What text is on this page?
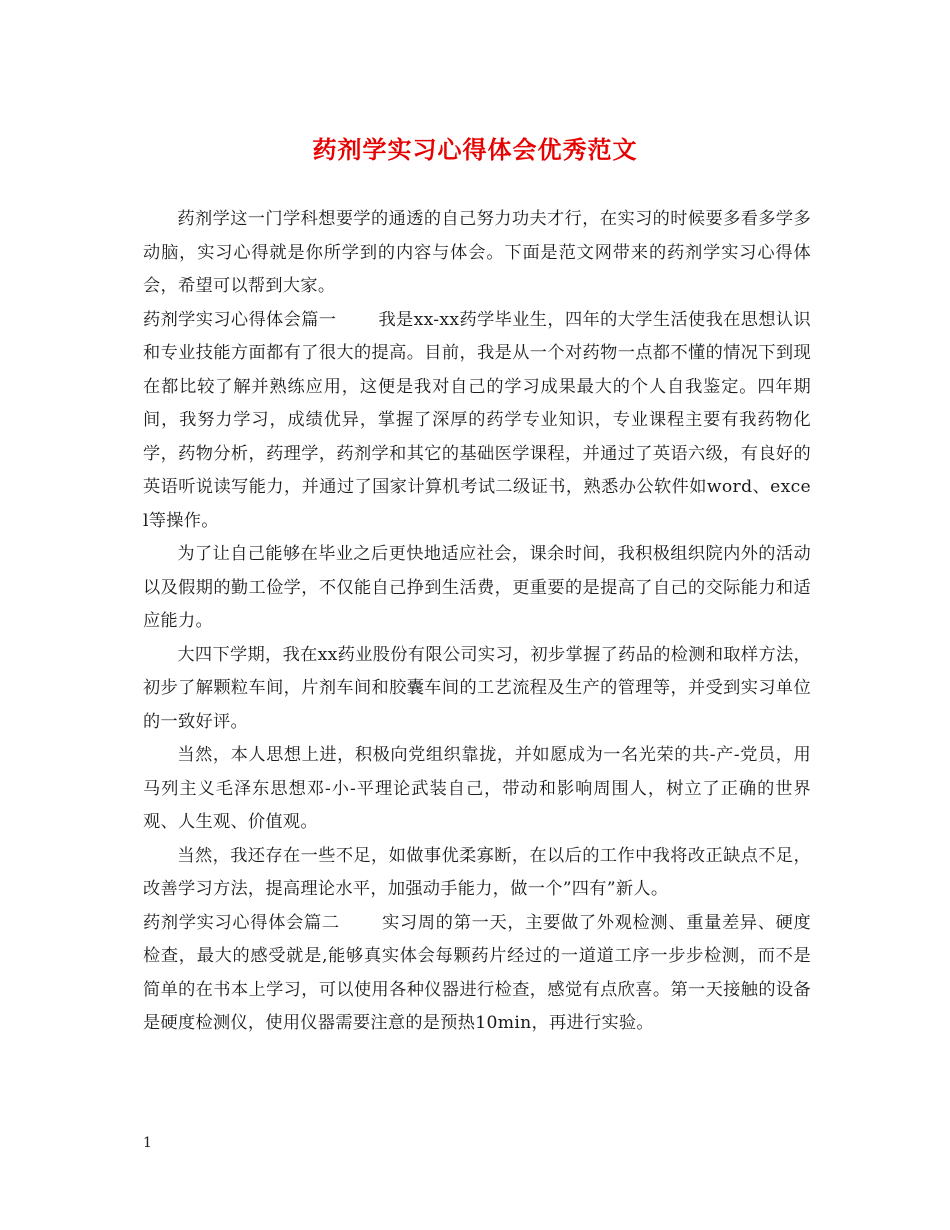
药剂学实习心得体会优秀范文

药剂学这一门学科想要学的通透的自己努力功夫才行，在实习的时候要多看多学多动脑，实习心得就是你所学到的内容与体会。下面是范文网带来的药剂学实习心得体会，希望可以帮到大家。

药剂学实习心得体会篇一 我是xx-xx药学毕业生，四年的大学生活使我在思想认识和专业技能方面都有了很大的提高。目前，我是从一个对药物一点都不懂的情况下到现在都比较了解并熟练应用，这便是我对自己的学习成果最大的个人自我鉴定。四年期间，我努力学习，成绩优异，掌握了深厚的药学专业知识，专业课程主要有我药物化学，药物分析，药理学，药剂学和其它的基础医学课程，并通过了英语六级，有良好的英语听说读写能力，并通过了国家计算机考试二级证书，熟悉办公软件如word、excel等操作。

为了让自己能够在毕业之后更快地适应社会，课余时间，我积极组织院内外的活动以及假期的勤工俭学，不仅能自己挣到生活费，更重要的是提高了自己的交际能力和适应能力。

大四下学期，我在xx药业股份有限公司实习，初步掌握了药品的检测和取样方法，初步了解颗粒车间，片剂车间和胶囊车间的工艺流程及生产的管理等，并受到实习单位的一致好评。

当然，本人思想上进，积极向党组织靠拢，并如愿成为一名光荣的共-产-党员，用马列主义毛泽东思想邓-小-平理论武装自己，带动和影响周围人，树立了正确的世界观、人生观、价值观。

当然，我还存在一些不足，如做事优柔寡断，在以后的工作中我将改正缺点不足，改善学习方法，提高理论水平，加强动手能力，做一个”四有”新人。

药剂学实习心得体会篇二 实习周的第一天，主要做了外观检测、重量差异、硬度检查，最大的感受就是,能够真实体会每颗药片经过的一道道工序一步步检测，而不是简单的在书本上学习，可以使用各种仪器进行检查，感觉有点欣喜。第一天接触的设备是硬度检测仪，使用仪器需要注意的是预热10min，再进行实验。

1
